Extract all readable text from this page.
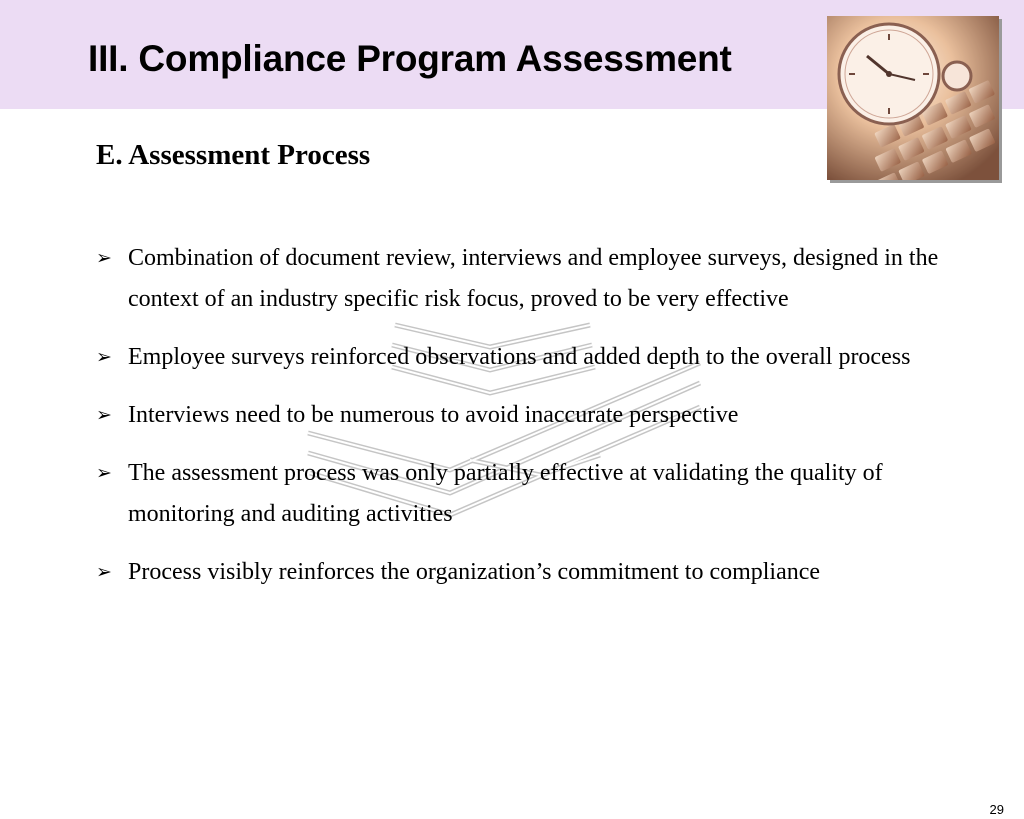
III. Compliance Program Assessment
E. Assessment Process
➢ Combination of document review, interviews and employee surveys, designed in the context of an industry specific risk focus, proved to be very effective
➢ Employee surveys reinforced observations and added depth to the overall process
➢ Interviews need to be numerous to avoid inaccurate perspective
➢ The assessment process was only partially effective at validating the quality of monitoring and auditing activities
➢ Process visibly reinforces the organization’s commitment to compliance
29
